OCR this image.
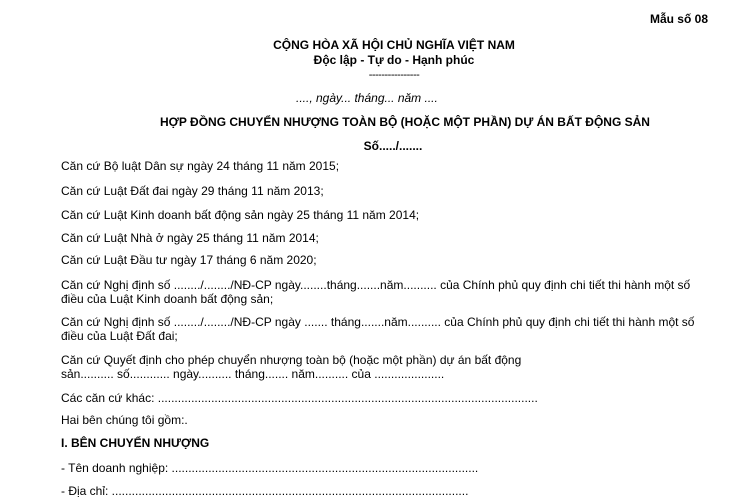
Mẫu số 08
CỘNG HÒA XÃ HỘI CHỦ NGHĨA VIỆT NAM
Độc lập - Tự do - Hạnh phúc
----------------
...., ngày... tháng... năm ....
HỢP ĐỒNG CHUYỂN NHƯỢNG TOÀN BỘ (HOẶC MỘT PHẦN) DỰ ÁN BẤT ĐỘNG SẢN
Số...../.......
Căn cứ Bộ luật Dân sự ngày 24 tháng 11 năm 2015;
Căn cứ Luật Đất đai ngày 29 tháng 11 năm 2013;
Căn cứ Luật Kinh doanh bất động sản ngày 25 tháng 11 năm 2014;
Căn cứ Luật Nhà ở ngày 25 tháng 11 năm 2014;
Căn cứ Luật Đầu tư ngày 17 tháng 6 năm 2020;
Căn cứ Nghị định số ......../......../NĐ-CP ngày........tháng.......năm.......... của Chính phủ quy định chi tiết thi hành một số
điều của Luật Kinh doanh bất động sản;
Căn cứ Nghị định số ......../......../NĐ-CP ngày ....... tháng.......năm.......... của Chính phủ quy định chi tiết thi hành một số
điều của Luật Đất đai;
Căn cứ Quyết định cho phép chuyển nhượng toàn bộ (hoặc một phần) dự án bất động
sản.......... số............ ngày.......... tháng....... năm.......... của .....................
Các căn cứ khác: ..................................................................................................................
Hai bên chúng tôi gồm:.
I. BÊN CHUYỂN NHƯỢNG
- Tên doanh nghiệp: ............................................................................................
- Địa chỉ: ...........................................................................................................
